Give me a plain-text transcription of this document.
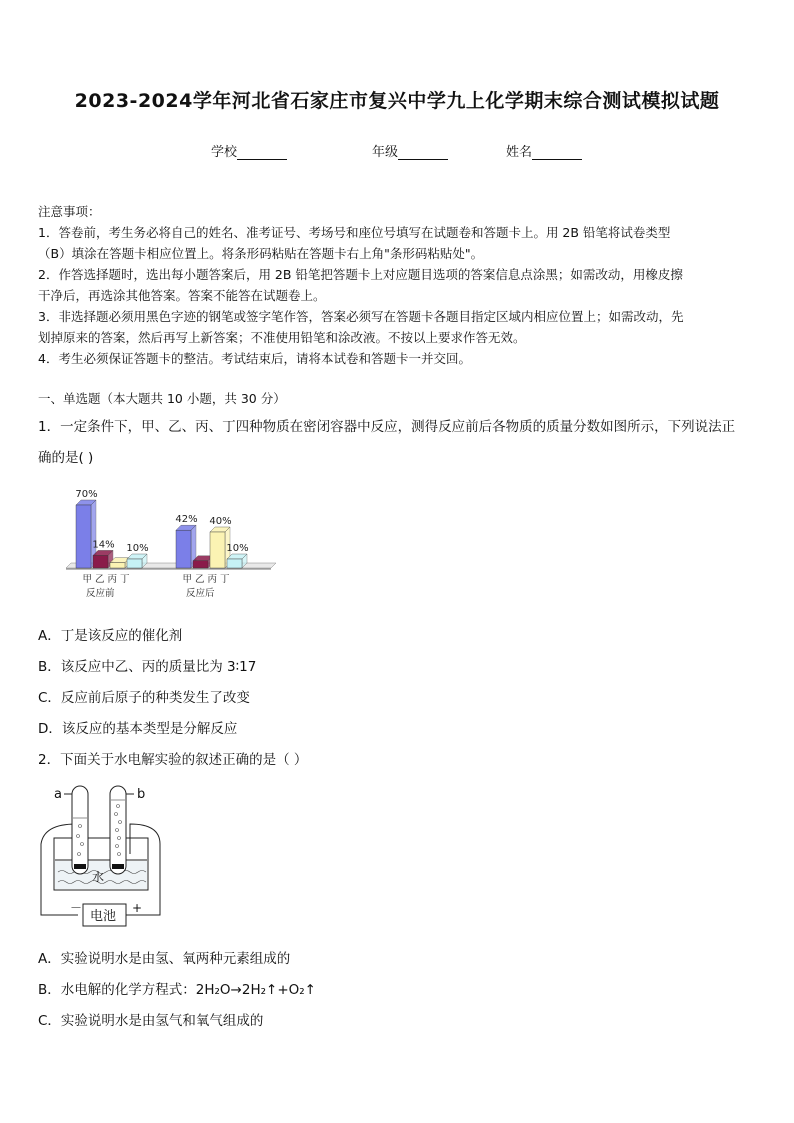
2023-2024学年河北省石家庄市复兴中学九上化学期末综合测试模拟试题
学校	年级	姓名
注意事项：
1．答卷前，考生务必将自己的姓名、准考证号、考场号和座位号填写在试题卷和答题卡上。用 2B 铅笔将试卷类型
（B）填涂在答题卡相应位置上。将条形码粘贴在答题卡右上角"条形码粘贴处"。
2．作答选择题时，选出每小题答案后，用 2B 铅笔把答题卡上对应题目选项的答案信息点涂黑；如需改动，用橡皮擦
干净后，再选涂其他答案。答案不能答在试题卷上。
3．非选择题必须用黑色字迹的钢笔或签字笔作答，答案必须写在答题卡各题目指定区域内相应位置上；如需改动，先
划掉原来的答案，然后再写上新答案；不准使用铅笔和涂改液。不按以上要求作答无效。
4．考生必须保证答题卡的整洁。考试结束后，请将本试卷和答题卡一并交回。
一、单选题（本大题共 10 小题，共 30 分）
1．一定条件下，甲、乙、丙、丁四种物质在密闭容器中反应，测得反应前后各物质的质量分数如图所示，下列说法正
确的是( )
70%
14% 10%
甲 乙 丙 丁
反应前
42% 40%
10%
甲 乙 丙 丁
反应后
A．丁是该反应的催化剂
B．该反应中乙、丙的质量比为 3∶17
C．反应前后原子的种类发生了改变
D．该反应的基本类型是分解反应
2．下面关于水电解实验的叙述正确的是（ ）
a	b
水
电池
－	+
A．实验说明水是由氢、氧两种元素组成的
B．水电解的化学方程式：2H₂O→2H₂↑+O₂↑
C．实验说明水是由氢气和氧气组成的
